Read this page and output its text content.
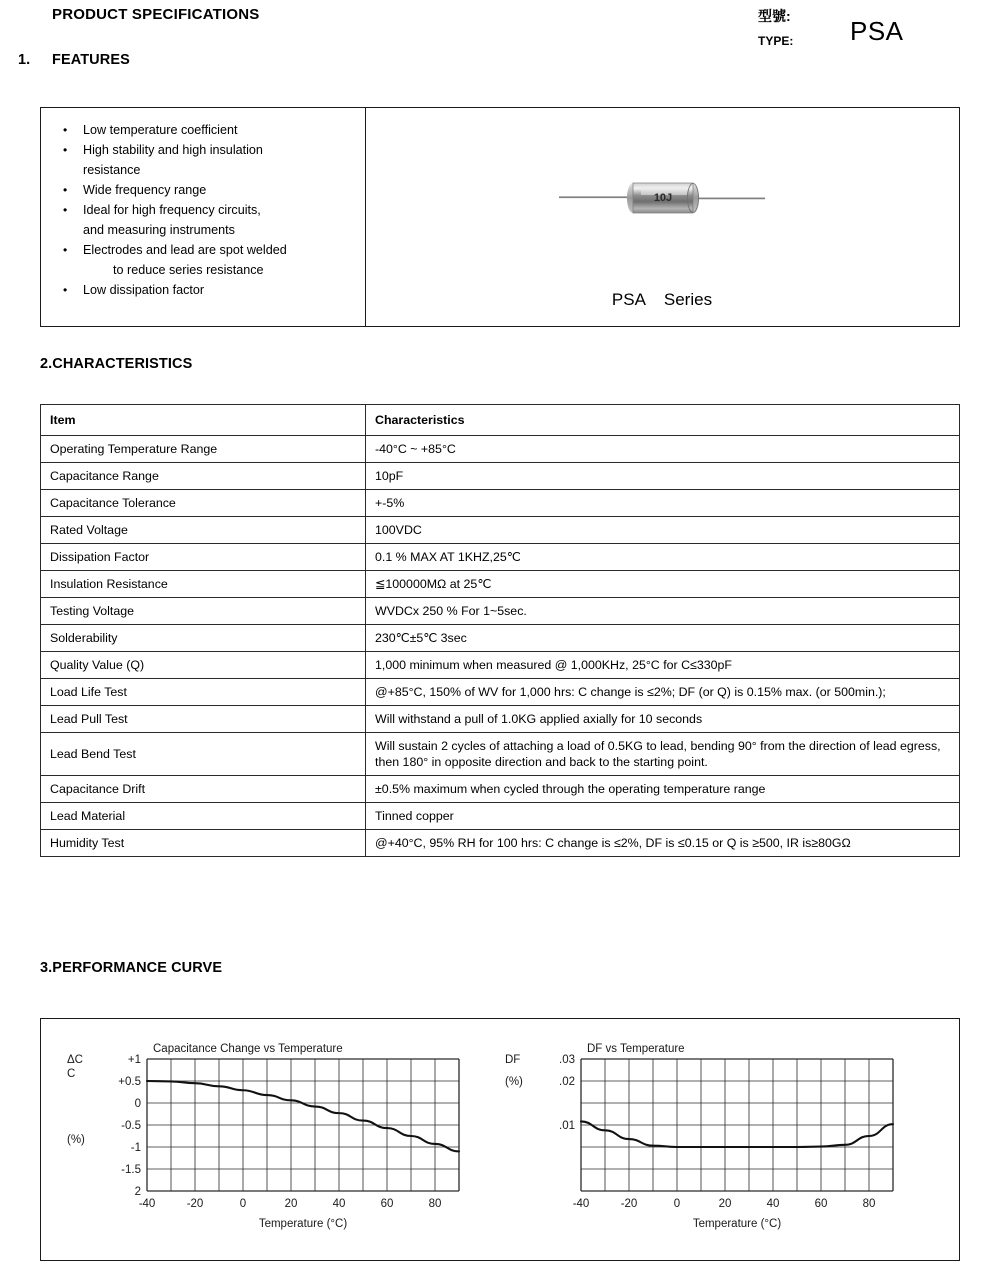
PRODUCT SPECIFICATIONS	型號:
TYPE: PSA
1. FEATURES
• Low temperature coefficient
• High stability and high insulation
resistance
• Wide frequency range
• Ideal for high frequency circuits,
and measuring instruments
• Electrodes and lead are spot welded
to reduce series resistance
• Low dissipation factor
10J
PSA    Series
2.CHARACTERISTICS
Item	Characteristics
Operating Temperature Range	-40°C ~ +85°C
Capacitance Range	10pF
Capacitance Tolerance	+-5%
Rated Voltage	100VDC
Dissipation Factor	0.1 % MAX AT 1KHZ,25℃
Insulation Resistance	≦100000MΩ at 25℃
Testing Voltage	WVDCx 250 % For 1~5sec.
Solderability	230℃±5℃ 3sec
Quality Value (Q)	1,000 minimum when measured @ 1,000KHz, 25°C for C≤330pF
Load Life Test	@+85°C, 150% of WV for 1,000 hrs: C change is ≤2%; DF (or Q) is 0.15% max. (or 500min.);
Lead Pull Test	Will withstand a pull of 1.0KG applied axially for 10 seconds
Lead Bend Test	Will sustain 2 cycles of attaching a load of 0.5KG to lead, bending 90° from the direction of lead egress, then 180° in opposite direction and back to the starting point.
Capacitance Drift	±0.5% maximum when cycled through the operating temperature range
Lead Material	Tinned copper
Humidity Test	@+40°C, 95% RH for 100 hrs: C change is ≤2%, DF is ≤0.15 or Q is ≥500, IR is≥80GΩ
3.PERFORMANCE CURVE
Capacitance Change vs Temperature
+1
+0.5
0
-0.5
-1
-1.5
2
ΔC
C
(%)
-40	-20	0	20	40	60	80
Temperature (°C)
DF vs Temperature
.03
.02
.01
DF
(%)
-40	-20	0	20	40	60	80
Temperature (°C)
